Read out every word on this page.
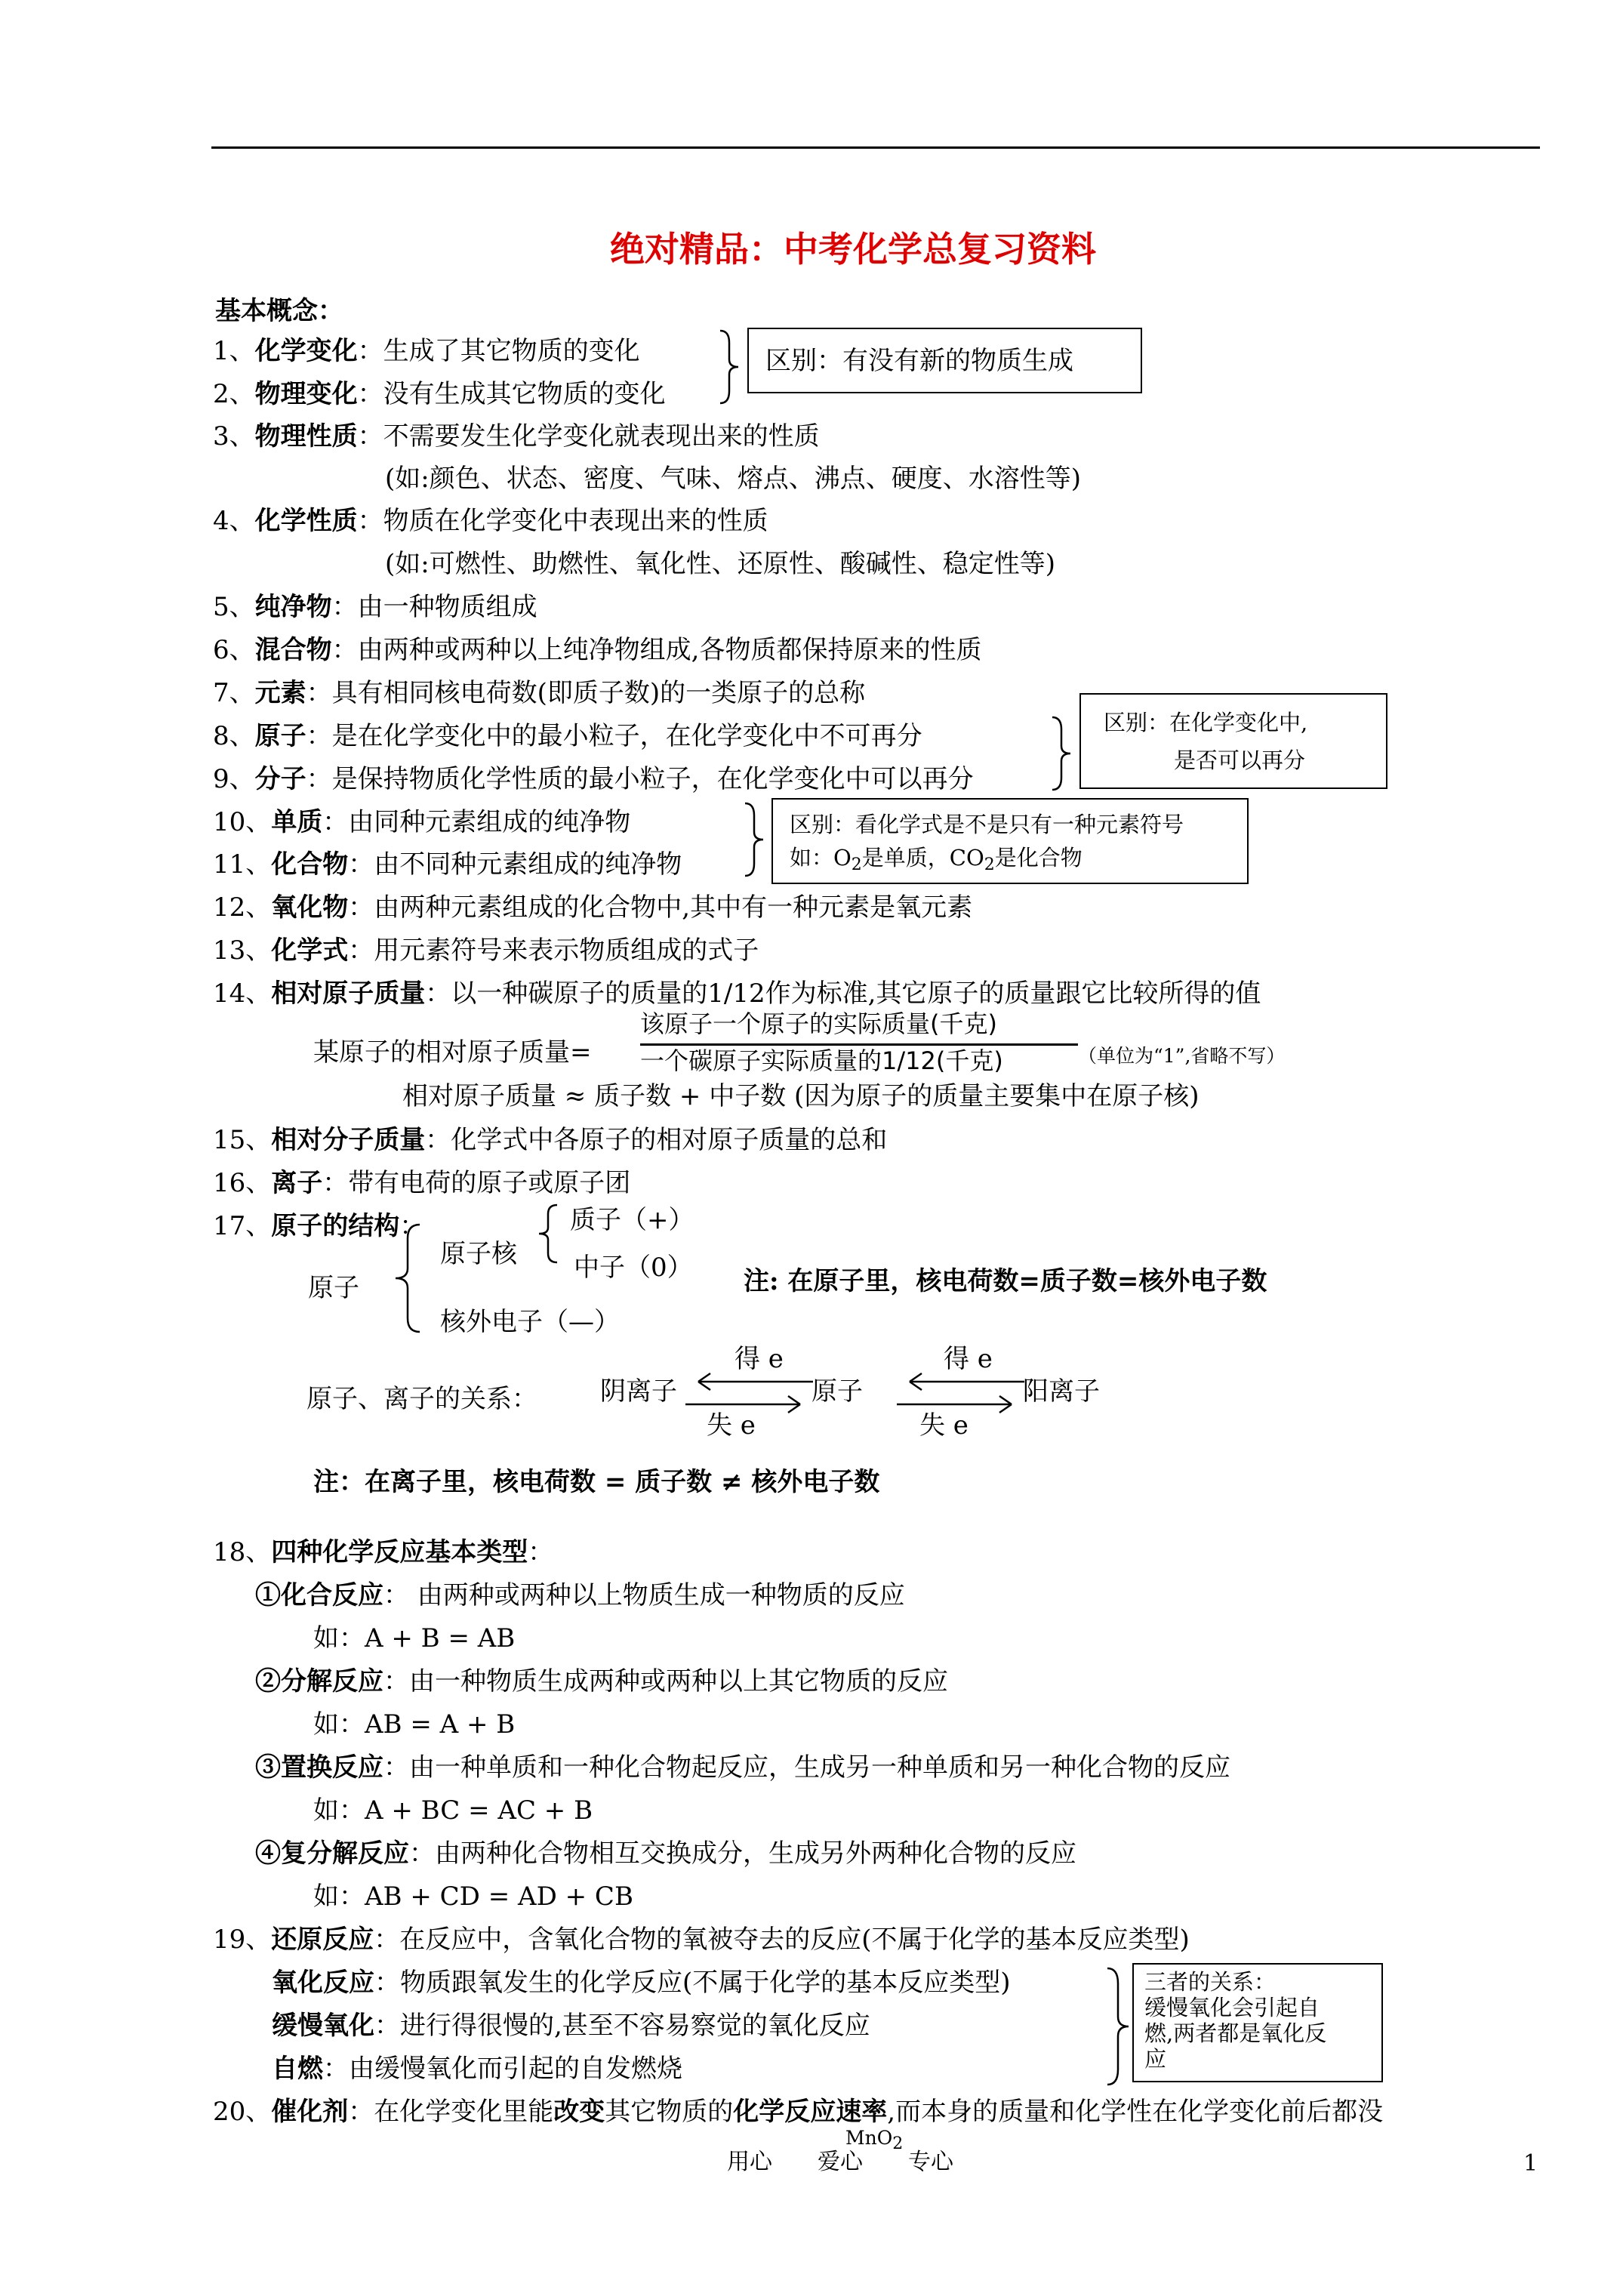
绝对精品：中考化学总复习资料
基本概念：
1、化学变化：生成了其它物质的变化
2、物理变化：没有生成其它物质的变化
区别：有没有新的物质生成
3、物理性质：不需要发生化学变化就表现出来的性质
(如:颜色、状态、密度、气味、熔点、沸点、硬度、水溶性等)
4、化学性质：物质在化学变化中表现出来的性质
(如:可燃性、助燃性、氧化性、还原性、酸碱性、稳定性等)
5、纯净物：由一种物质组成
6、混合物：由两种或两种以上纯净物组成,各物质都保持原来的性质
7、元素：具有相同核电荷数(即质子数)的一类原子的总称
8、原子：是在化学变化中的最小粒子，在化学变化中不可再分
9、分子：是保持物质化学性质的最小粒子，在化学变化中可以再分
区别：在化学变化中,
是否可以再分
10、单质：由同种元素组成的纯净物
11、化合物：由不同种元素组成的纯净物
区别：看化学式是不是只有一种元素符号
如：$O_2$是单质，$CO_2$是化合物
12、氧化物：由两种元素组成的化合物中,其中有一种元素是氧元素
13、化学式：用元素符号来表示物质组成的式子
14、相对原子质量：以一种碳原子的质量的1/12作为标准,其它原子的质量跟它比较所得的值
某原子的相对原子质量=
该原子一个原子的实际质量(千克)
一个碳原子实际质量的1/12(千克)	（单位为“1”,省略不写）
相对原子质量 ≈ 质子数 + 中子数 (因为原子的质量主要集中在原子核)
15、相对分子质量：化学式中各原子的相对原子质量的总和
16、离子：带有电荷的原子或原子团
17、原子的结构：	质子（+）
原子核 中子（0）
原子	注: 在原子里，核电荷数=质子数=核外电子数
核外电子（—）
原子、离子的关系： 阴离子
得 e
失 e
原子
得 e
失 e
阳离子
注：在离子里，核电荷数 = 质子数 ≠ 核外电子数
18、四种化学反应基本类型：
①化合反应： 由两种或两种以上物质生成一种物质的反应
如：A + B = AB
②分解反应：由一种物质生成两种或两种以上其它物质的反应
如：AB = A + B
③置换反应：由一种单质和一种化合物起反应，生成另一种单质和另一种化合物的反应
如：A + BC = AC + B
④复分解反应：由两种化合物相互交换成分，生成另外两种化合物的反应
如：AB + CD = AD + CB
19、还原反应：在反应中，含氧化合物的氧被夺去的反应(不属于化学的基本反应类型)
氧化反应：物质跟氧发生的化学反应(不属于化学的基本反应类型)
缓慢氧化：进行得很慢的,甚至不容易察觉的氧化反应
自燃：由缓慢氧化而引起的自发燃烧
三者的关系：
缓慢氧化会引起自
燃,两者都是氧化反
应
20、催化剂：在化学变化里能改变其它物质的化学反应速率,而本身的质量和化学性在化学变化前后都没
MnO$_2$
用心　　爱心　　专心	1
